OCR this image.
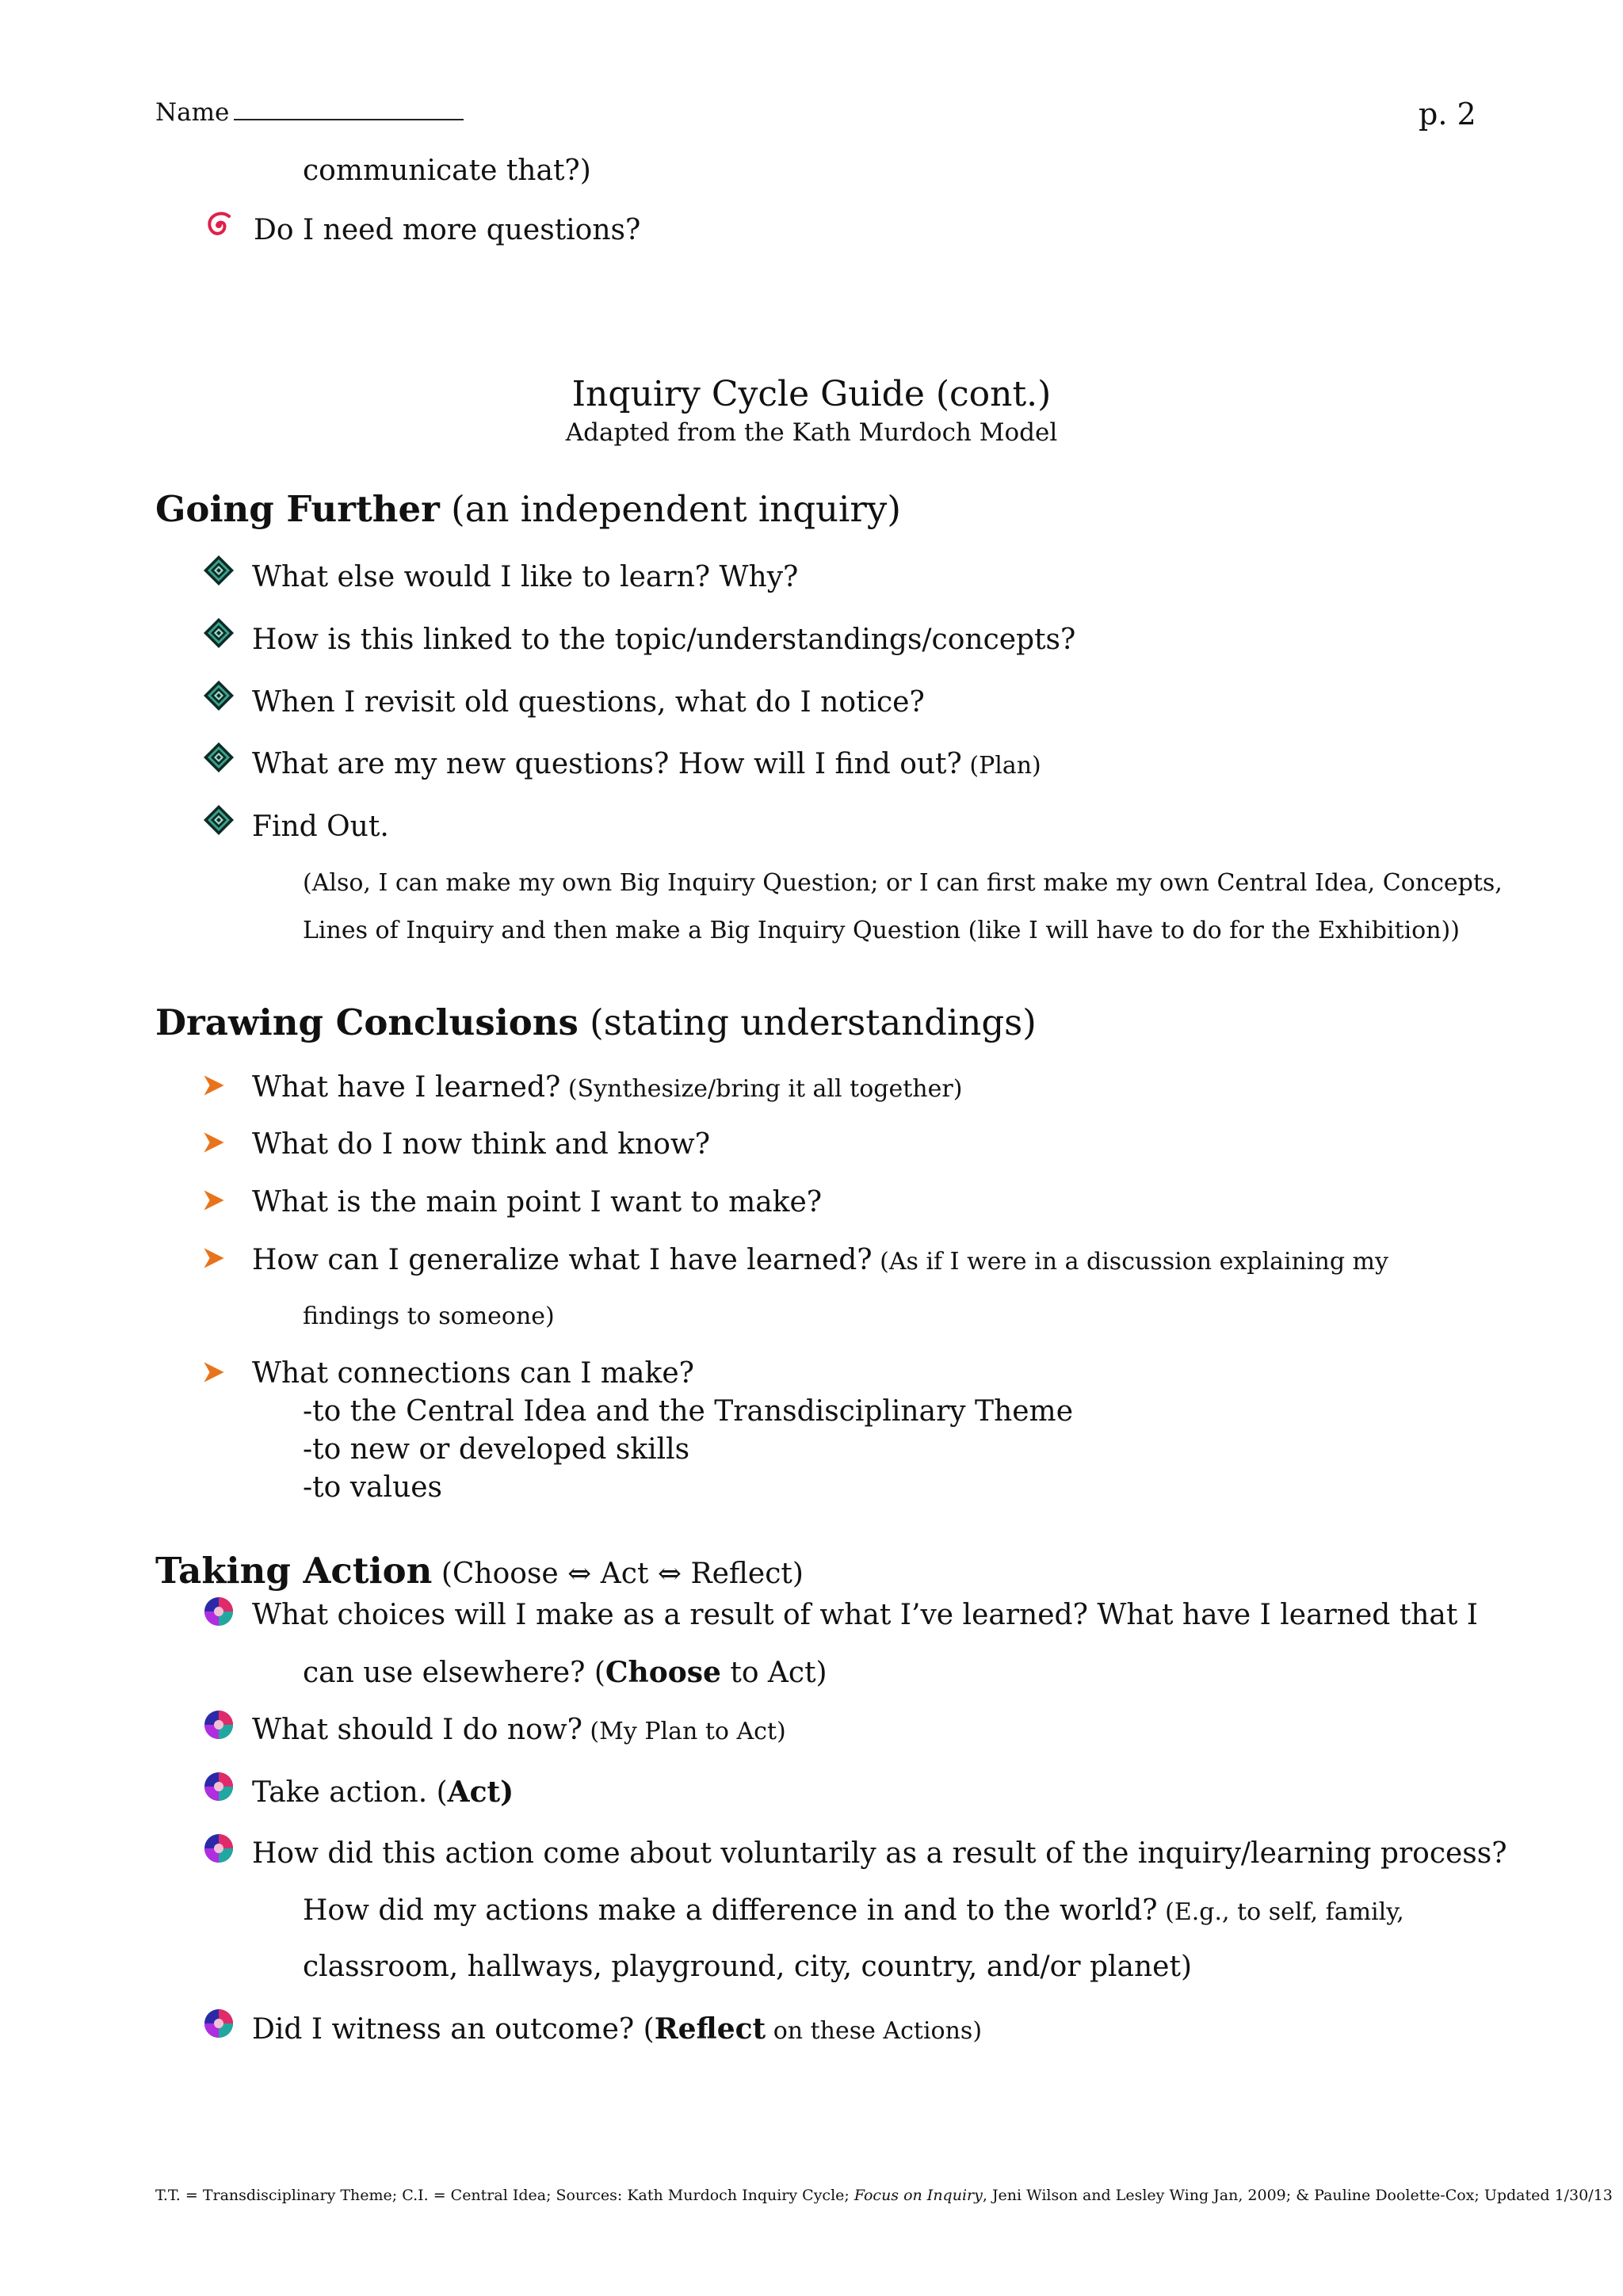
Name	p. 2
communicate that?)
Do I need more questions?
Inquiry Cycle Guide (cont.)
Adapted from the Kath Murdoch Model
Going Further (an independent inquiry)
What else would I like to learn? Why?
How is this linked to the topic/understandings/concepts?
When I revisit old questions, what do I notice?
What are my new questions? How will I find out? (Plan)
Find Out.
(Also, I can make my own Big Inquiry Question; or I can first make my own Central Idea, Concepts,
Lines of Inquiry and then make a Big Inquiry Question (like I will have to do for the Exhibition))
Drawing Conclusions (stating understandings)
What have I learned? (Synthesize/bring it all together)
What do I now think and know?
What is the main point I want to make?
How can I generalize what I have learned? (As if I were in a discussion explaining my
findings to someone)
What connections can I make?
-to the Central Idea and the Transdisciplinary Theme
-to new or developed skills
-to values
Taking Action (Choose ⇔ Act ⇔ Reflect)
What choices will I make as a result of what I’ve learned? What have I learned that I
can use elsewhere? (Choose to Act)
What should I do now? (My Plan to Act)
Take action. (Act)
How did this action come about voluntarily as a result of the inquiry/learning process?
How did my actions make a difference in and to the world? (E.g., to self, family,
classroom, hallways, playground, city, country, and/or planet)
Did I witness an outcome? (Reflect on these Actions)
T.T. = Transdisciplinary Theme; C.I. = Central Idea; Sources: Kath Murdoch Inquiry Cycle; Focus on Inquiry, Jeni Wilson and Lesley Wing Jan, 2009; & Pauline Doolette-Cox; Updated 1/30/13
